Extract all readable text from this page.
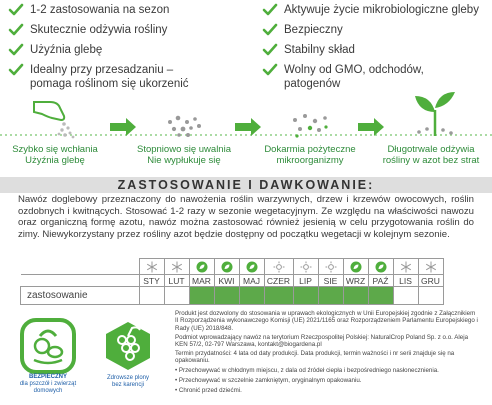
1-2 zastosowania na sezon
Skutecznie odżywia rośliny
Użyźnia glebę
Idealny przy przesadzaniu –
pomaga roślinom się ukorzenić
Aktywuje życie mikrobiologiczne gleby
Bezpieczny
Stabilny skład
Wolny od GMO, odchodów,
patogenów
Szybko się wchłania
Użyźnia glebę
Stopniowo się uwalnia
Nie wypłukuje się
Dokarmia pożyteczne
mikroorganizmy
Długotrwale odżywia
rośliny w azot bez strat
ZASTOSOWANIE I DAWKOWANIE:
Nawóz doglebowy przeznaczony do nawożenia roślin warzywnych, drzew i krzewów owocowych, roślin ozdobnych i kwitnących. Stosować 1-2 razy w sezonie wegetacyjnym. Ze względu na właściwości nawozu oraz organiczną formę azotu, nawóz można zastosować również jesienią w celu przygotowania roślin do zimy. Niewykorzystany przez rośliny azot będzie dostępny od początku wegetacji w kolejnym sezonie.

	STY	LUT	MAR	KWI	MAJ	CZER	LIP	SIE	WRZ	PAŹ	LIS	GRU
zastosowanie												
BEZPIECZNY
dla pszczół i zwierząt
domowych
Zdrowsze plony
bez karencji
Produkt jest dozwolony do stosowania w uprawach ekologicznych w Unii Europejskiej zgodnie z Załącznikiem II Rozporządzenia wykonawczego Komisji (UE) 2021/1165 oraz Rozporządzeniem Parlamentu Europejskiego i Rady (UE) 2018/848.
Podmiot wprowadzający nawóz na terytorium Rzeczpospolitej Polskiej: NaturalCrop Poland Sp. z o.o. Aleja KEN 57/2, 02-797 Warszawa, kontakt@biogardena.pl
Termin przydatności: 4 lata od daty produkcji. Data produkcji, termin ważności i nr serii znajduje się na opakowaniu.
• Przechowywać w chłodnym miejscu, z dala od źródeł ciepła i bezpośredniego nasłonecznienia.
• Przechowywać w szczelnie zamkniętym, oryginalnym opakowaniu.
• Chronić przed dziećmi.
